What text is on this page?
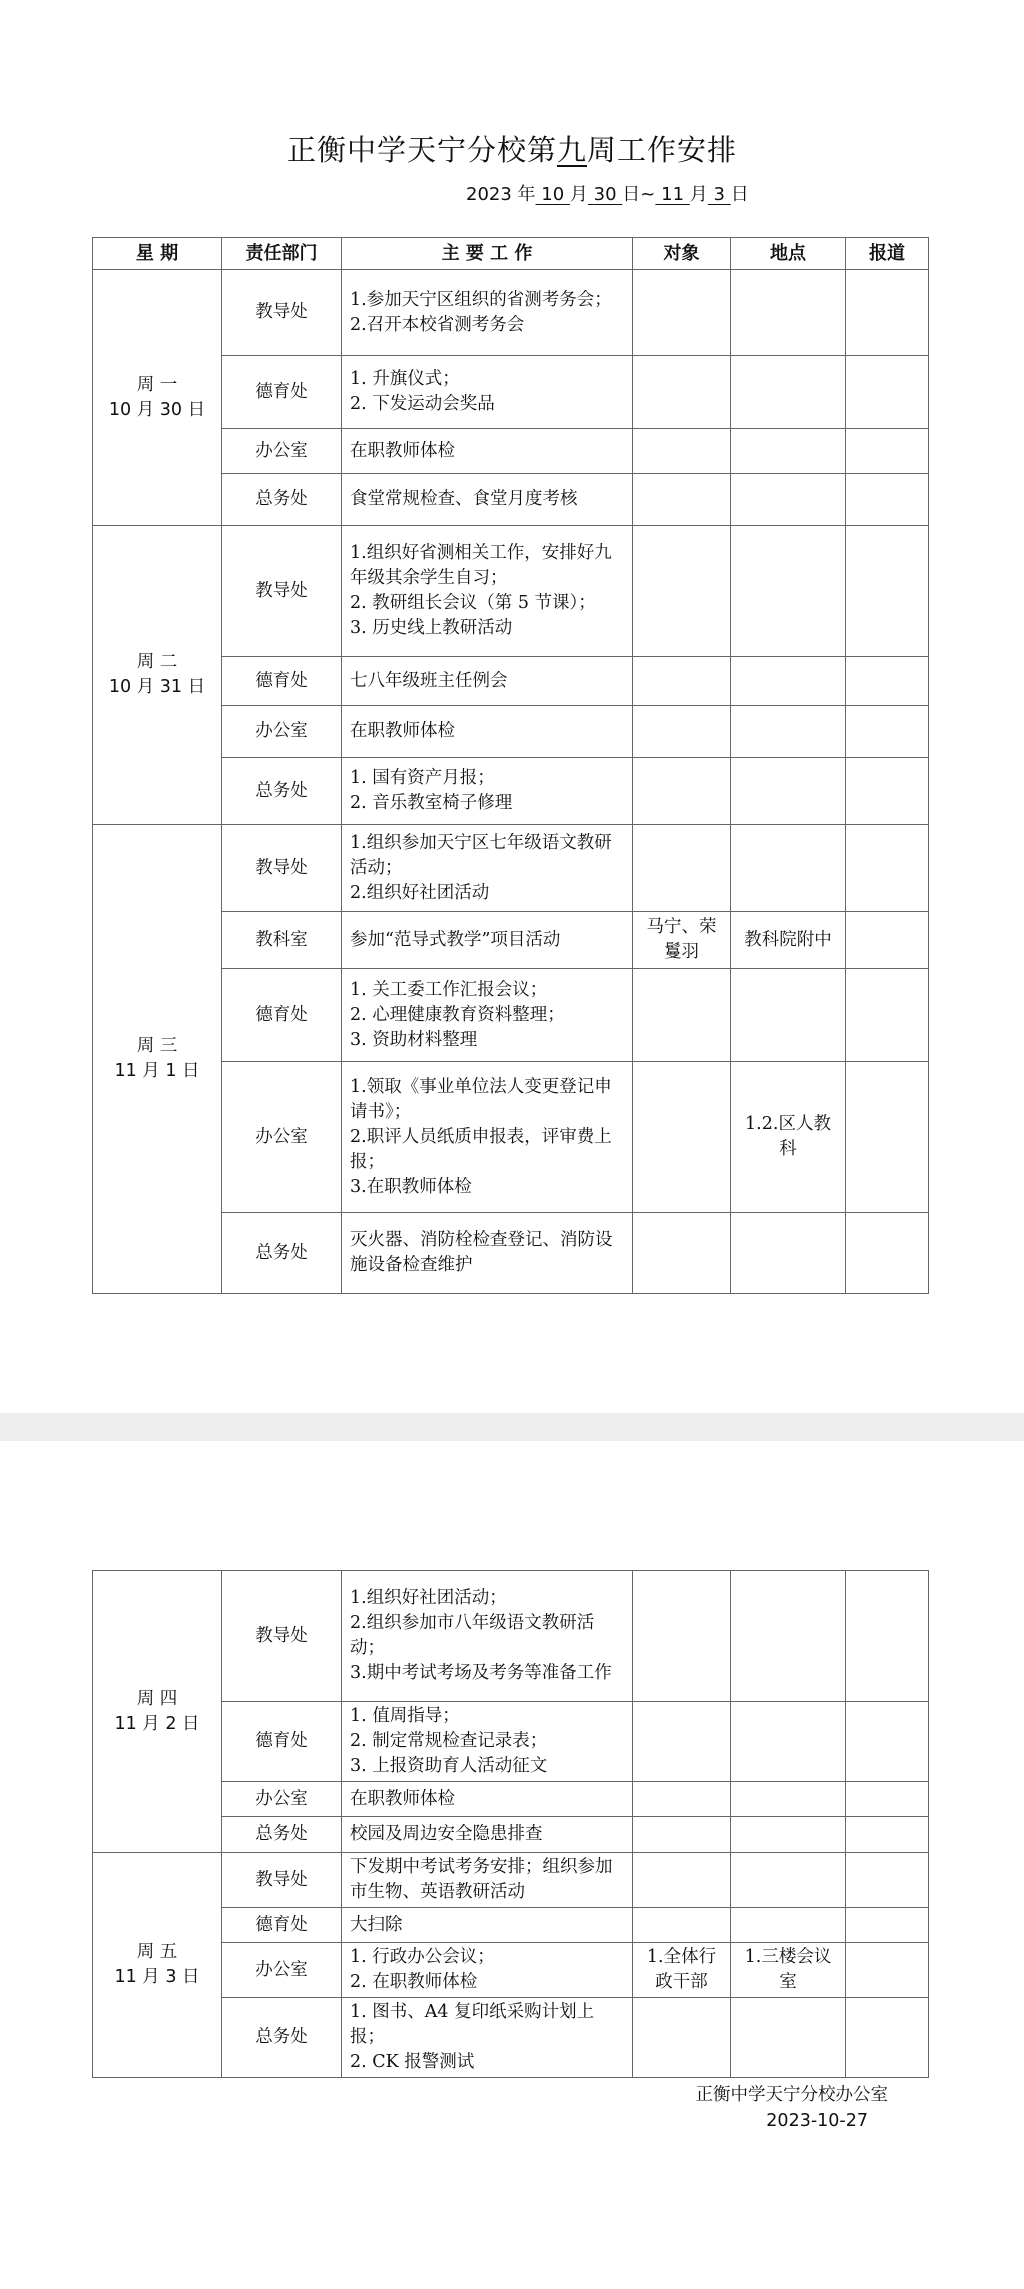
正衡中学天宁分校第九周工作安排
2023 年 10 月 30 日~ 11 月 3 日
星 期	责任部门	主 要 工 作	对象	地点	报道

周 一
10 月 30 日	教导处	1.参加天宁区组织的省测考务会；
2.召开本校省测考务会			

	德育处	1. 升旗仪式；
2. 下发运动会奖品			

	办公室	在职教师体检			
	总务处	食堂常规检查、食堂月度考核			

周 二
10 月 31 日	教导处	1.组织好省测相关工作，安排好九年级其余学生自习；
2. 教研组长会议（第 5 节课）；
3. 历史线上教研活动			

	德育处	七八年级班主任例会			
	办公室	在职教师体检			
	总务处	1. 国有资产月报；
2. 音乐教室椅子修理			

周 三
11 月 1 日	教导处	1.组织参加天宁区七年级语文教研活动；
2.组织好社团活动			

	教科室	参加“范导式教学”项目活动	马宁、荣鬘羽	教科院附中	
	德育处	1. 关工委工作汇报会议；
2. 心理健康教育资料整理；
3. 资助材料整理			

	办公室	1.领取《事业单位法人变更登记申请书》；
2.职评人员纸质申报表，评审费上报；
3.在职教师体检		1.2.区人教科	
	总务处	灭火器、消防栓检查登记、消防设施设备检查维护			
周 四
11 月 2 日	教导处	1.组织好社团活动；
2.组织参加市八年级语文教研活动；
3.期中考试考场及考务等准备工作			

	德育处	1. 值周指导；
2. 制定常规检查记录表；
3. 上报资助育人活动征文			

	办公室	在职教师体检			
	总务处	校园及周边安全隐患排查			

周 五
11 月 3 日	教导处	下发期中考试考务安排；组织参加市生物、英语教研活动			
	德育处	大扫除			
	办公室	1. 行政办公会议；
2. 在职教师体检	1.全体行政干部	1.三楼会议室	
	总务处	1. 图书、A4 复印纸采购计划上报；
2. CK 报警测试			

正衡中学天宁分校办公室
2023-10-27
